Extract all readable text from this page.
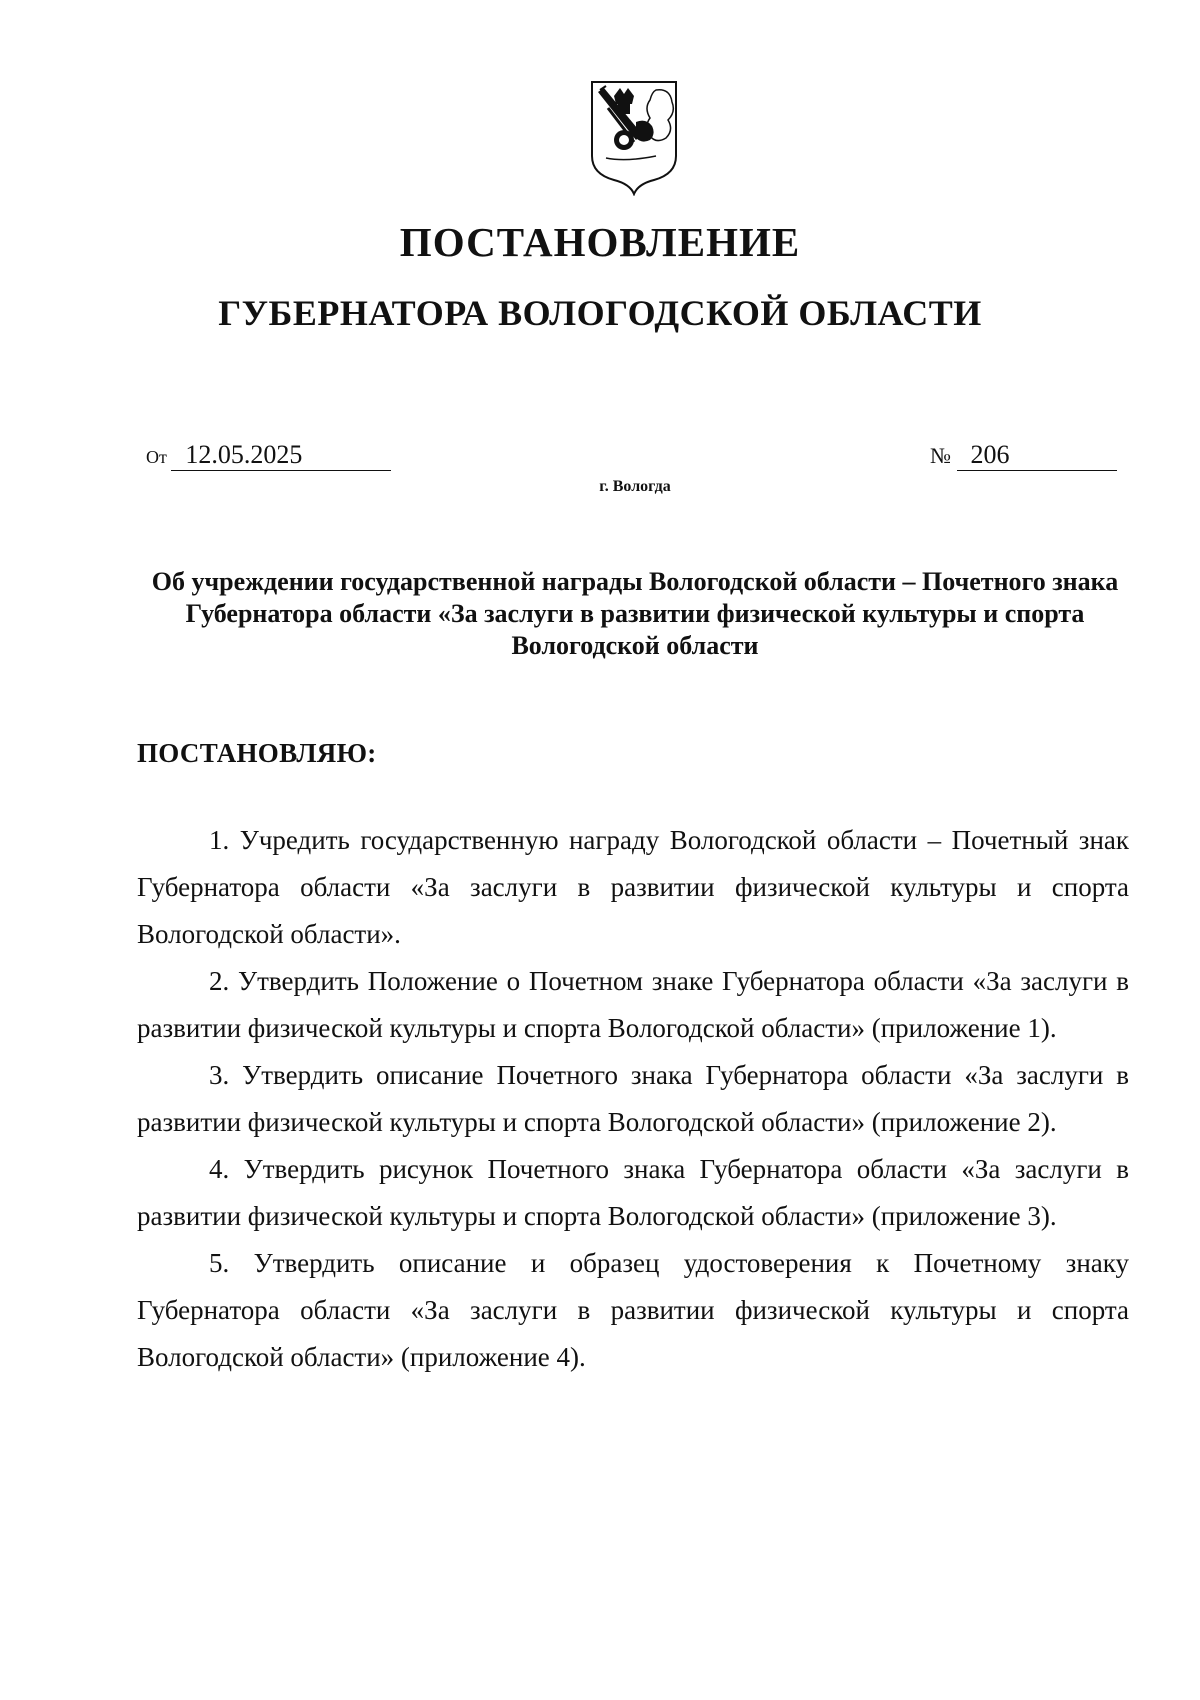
ПОСТАНОВЛЕНИЕ
ГУБЕРНАТОРА ВОЛОГОДСКОЙ ОБЛАСТИ
От 12.05.2025	№ 206
г. Вологда
Об учреждении государственной награды Вологодской области – Почетного знака Губернатора области «За заслуги в развитии физической культуры и спорта Вологодской области
ПОСТАНОВЛЯЮ:

1. Учредить государственную награду Вологодской области – Почетный знак Губернатора области «За заслуги в развитии физической культуры и спорта Вологодской области».

2. Утвердить Положение о Почетном знаке Губернатора области «За заслуги в развитии физической культуры и спорта Вологодской области» (приложение 1).

3. Утвердить описание Почетного знака Губернатора области «За заслуги в развитии физической культуры и спорта Вологодской области» (приложение 2).

4. Утвердить рисунок Почетного знака Губернатора области «За заслуги в развитии физической культуры и спорта Вологодской области» (приложение 3).

5. Утвердить описание и образец удостоверения к Почетному знаку Губернатора области «За заслуги в развитии физической культуры и спорта Вологодской области» (приложение 4).
